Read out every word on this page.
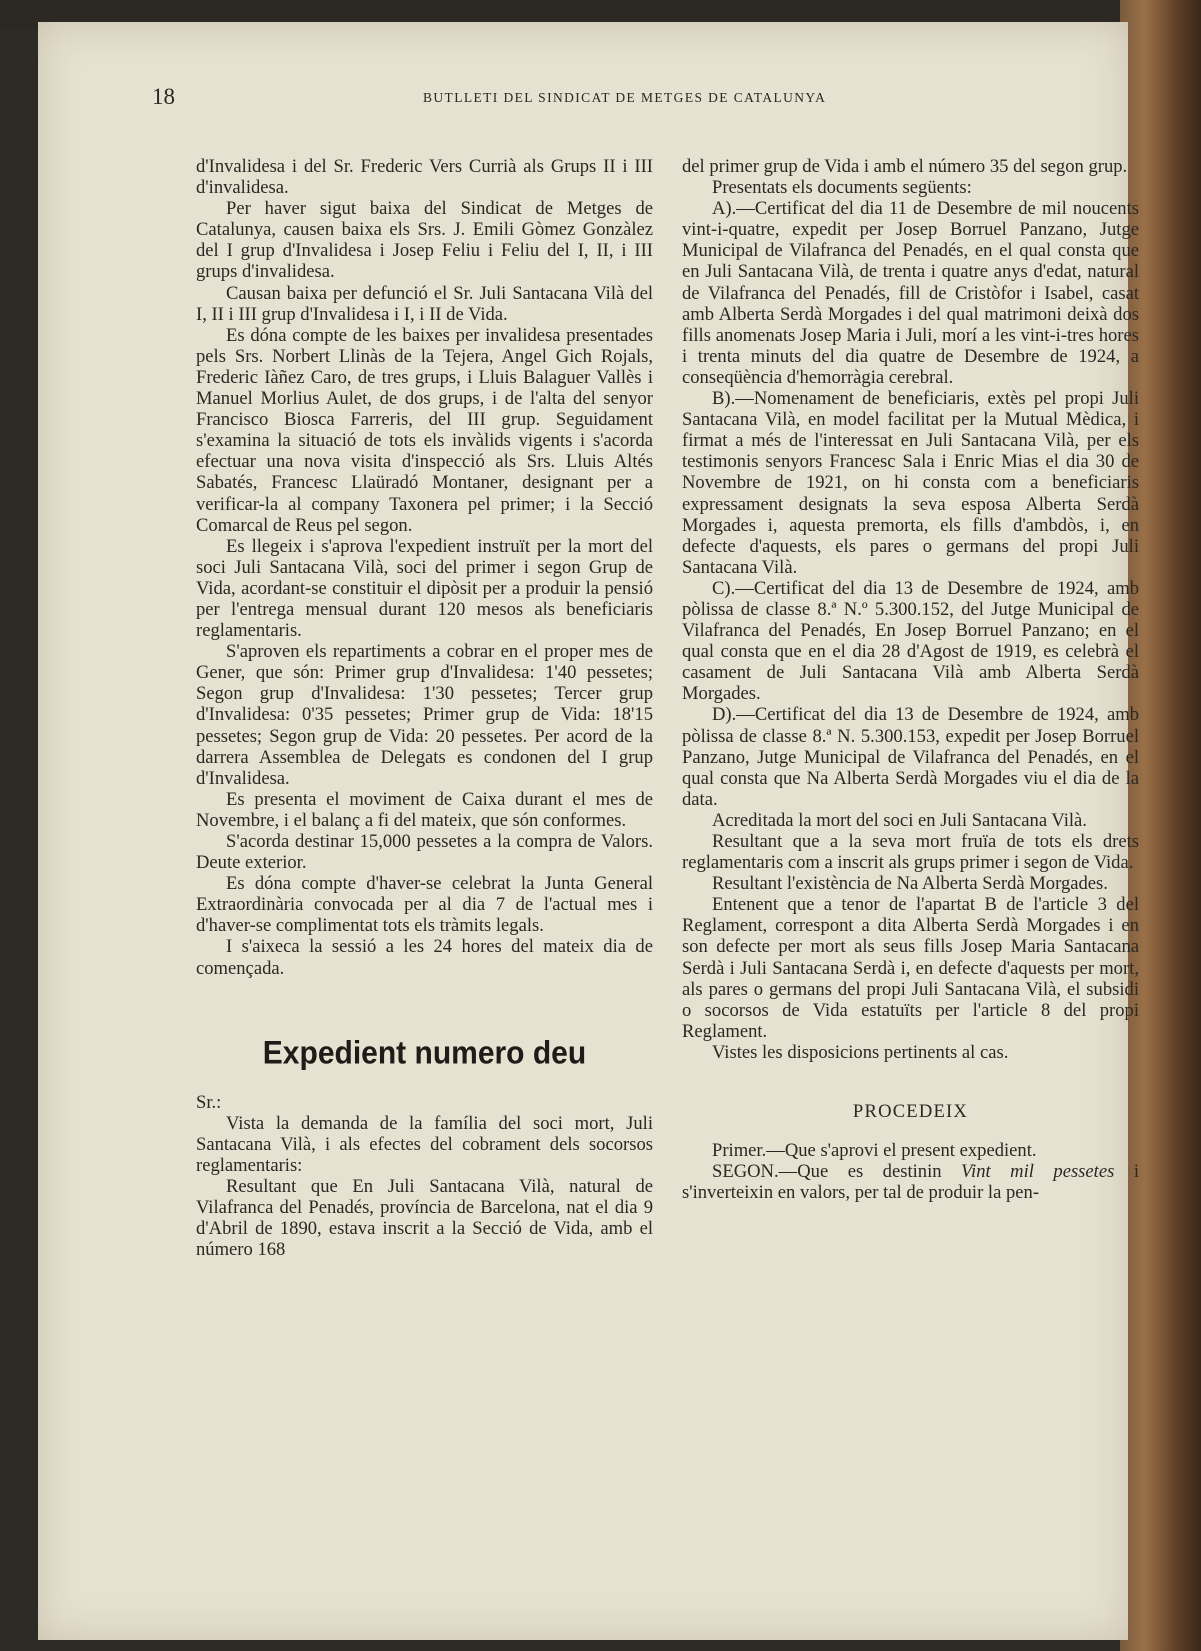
18	BUTLLETI DEL SINDICAT DE METGES DE CATALUNYA

d'Invalidesa i del Sr. Frederic Vers Currià als Grups II i III d'invalidesa.

Per haver sigut baixa del Sindicat de Metges de Catalunya, causen baixa els Srs. J. Emili Gòmez Gonzàlez del I grup d'Invalidesa i Josep Feliu i Feliu del I, II, i III grups d'invalidesa.

Causan baixa per defunció el Sr. Juli Santacana Vilà del I, II i III grup d'Invalidesa i I, i II de Vida.

Es dóna compte de les baixes per invalidesa presentades pels Srs. Norbert Llinàs de la Tejera, Angel Gich Rojals, Frederic Iàñez Caro, de tres grups, i Lluis Balaguer Vallès i Manuel Morlius Aulet, de dos grups, i de l'alta del senyor Francisco Biosca Farreris, del III grup. Seguidament s'examina la situació de tots els invàlids vigents i s'acorda efectuar una nova visita d'inspecció als Srs. Lluis Altés Sabatés, Francesc Llaüradó Montaner, designant per a verificar-la al company Taxonera pel primer; i la Secció Comarcal de Reus pel segon.

Es llegeix i s'aprova l'expedient instruït per la mort del soci Juli Santacana Vilà, soci del primer i segon Grup de Vida, acordant-se constituir el dipòsit per a produir la pensió per l'entrega mensual durant 120 mesos als beneficiaris reglamentaris.

S'aproven els repartiments a cobrar en el proper mes de Gener, que són: Primer grup d'Invalidesa: 1'40 pessetes; Segon grup d'Invalidesa: 1'30 pessetes; Tercer grup d'Invalidesa: 0'35 pessetes; Primer grup de Vida: 18'15 pessetes; Segon grup de Vida: 20 pessetes. Per acord de la darrera Assemblea de Delegats es condonen del I grup d'Invalidesa.

Es presenta el moviment de Caixa durant el mes de Novembre, i el balanç a fi del mateix, que són conformes.

S'acorda destinar 15,000 pessetes a la compra de Valors. Deute exterior.

Es dóna compte d'haver-se celebrat la Junta General Extraordinària convocada per al dia 7 de l'actual mes i d'haver-se complimentat tots els tràmits legals.

I s'aixeca la sessió a les 24 hores del mateix dia de començada.

Expedient numero deu

Sr.:

Vista la demanda de la família del soci mort, Juli Santacana Vilà, i als efectes del cobrament dels socorsos reglamentaris:

Resultant que En Juli Santacana Vilà, natural de Vilafranca del Penadés, província de Barcelona, nat el dia 9 d'Abril de 1890, estava inscrit a la Secció de Vida, amb el número 168

del primer grup de Vida i amb el número 35 del segon grup.

Presentats els documents següents:

A).—Certificat del dia 11 de Desembre de mil noucents vint-i-quatre, expedit per Josep Borruel Panzano, Jutge Municipal de Vilafranca del Penadés, en el qual consta que en Juli Santacana Vilà, de trenta i quatre anys d'edat, natural de Vilafranca del Penadés, fill de Cristòfor i Isabel, casat amb Alberta Serdà Morgades i del qual matrimoni deixà dos fills anomenats Josep Maria i Juli, morí a les vint-i-tres hores i trenta minuts del dia quatre de Desembre de 1924, a conseqüència d'hemorràgia cerebral.

B).—Nomenament de beneficiaris, extès pel propi Juli Santacana Vilà, en model facilitat per la Mutual Mèdica, i firmat a més de l'interessat en Juli Santacana Vilà, per els testimonis senyors Francesc Sala i Enric Mias el dia 30 de Novembre de 1921, on hi consta com a beneficiaris expressament designats la seva esposa Alberta Serdà Morgades i, aquesta premorta, els fills d'ambdòs, i, en defecte d'aquests, els pares o germans del propi Juli Santacana Vilà.

C).—Certificat del dia 13 de Desembre de 1924, amb pòlissa de classe 8.ª N.º 5.300.152, del Jutge Municipal de Vilafranca del Penadés, En Josep Borruel Panzano; en el qual consta que en el dia 28 d'Agost de 1919, es celebrà el casament de Juli Santacana Vilà amb Alberta Serdà Morgades.

D).—Certificat del dia 13 de Desembre de 1924, amb pòlissa de classe 8.ª N. 5.300.153, expedit per Josep Borruel Panzano, Jutge Municipal de Vilafranca del Penadés, en el qual consta que Na Alberta Serdà Morgades viu el dia de la data.

Acreditada la mort del soci en Juli Santacana Vilà.

Resultant que a la seva mort fruïa de tots els drets reglamentaris com a inscrit als grups primer i segon de Vida.

Resultant l'existència de Na Alberta Serdà Morgades.

Entenent que a tenor de l'apartat B de l'article 3 del Reglament, correspont a dita Alberta Serdà Morgades i en son defecte per mort als seus fills Josep Maria Santacana Serdà i Juli Santacana Serdà i, en defecte d'aquests per mort, als pares o germans del propi Juli Santacana Vilà, el subsidi o socorsos de Vida estatuïts per l'article 8 del propi Reglament.

Vistes les disposicions pertinents al cas.

PROCEDEIX

Primer.—Que s'aprovi el present expedient.

SEGON.—Que es destinin Vint mil pessetes i s'inverteixin en valors, per tal de produir la pen-
